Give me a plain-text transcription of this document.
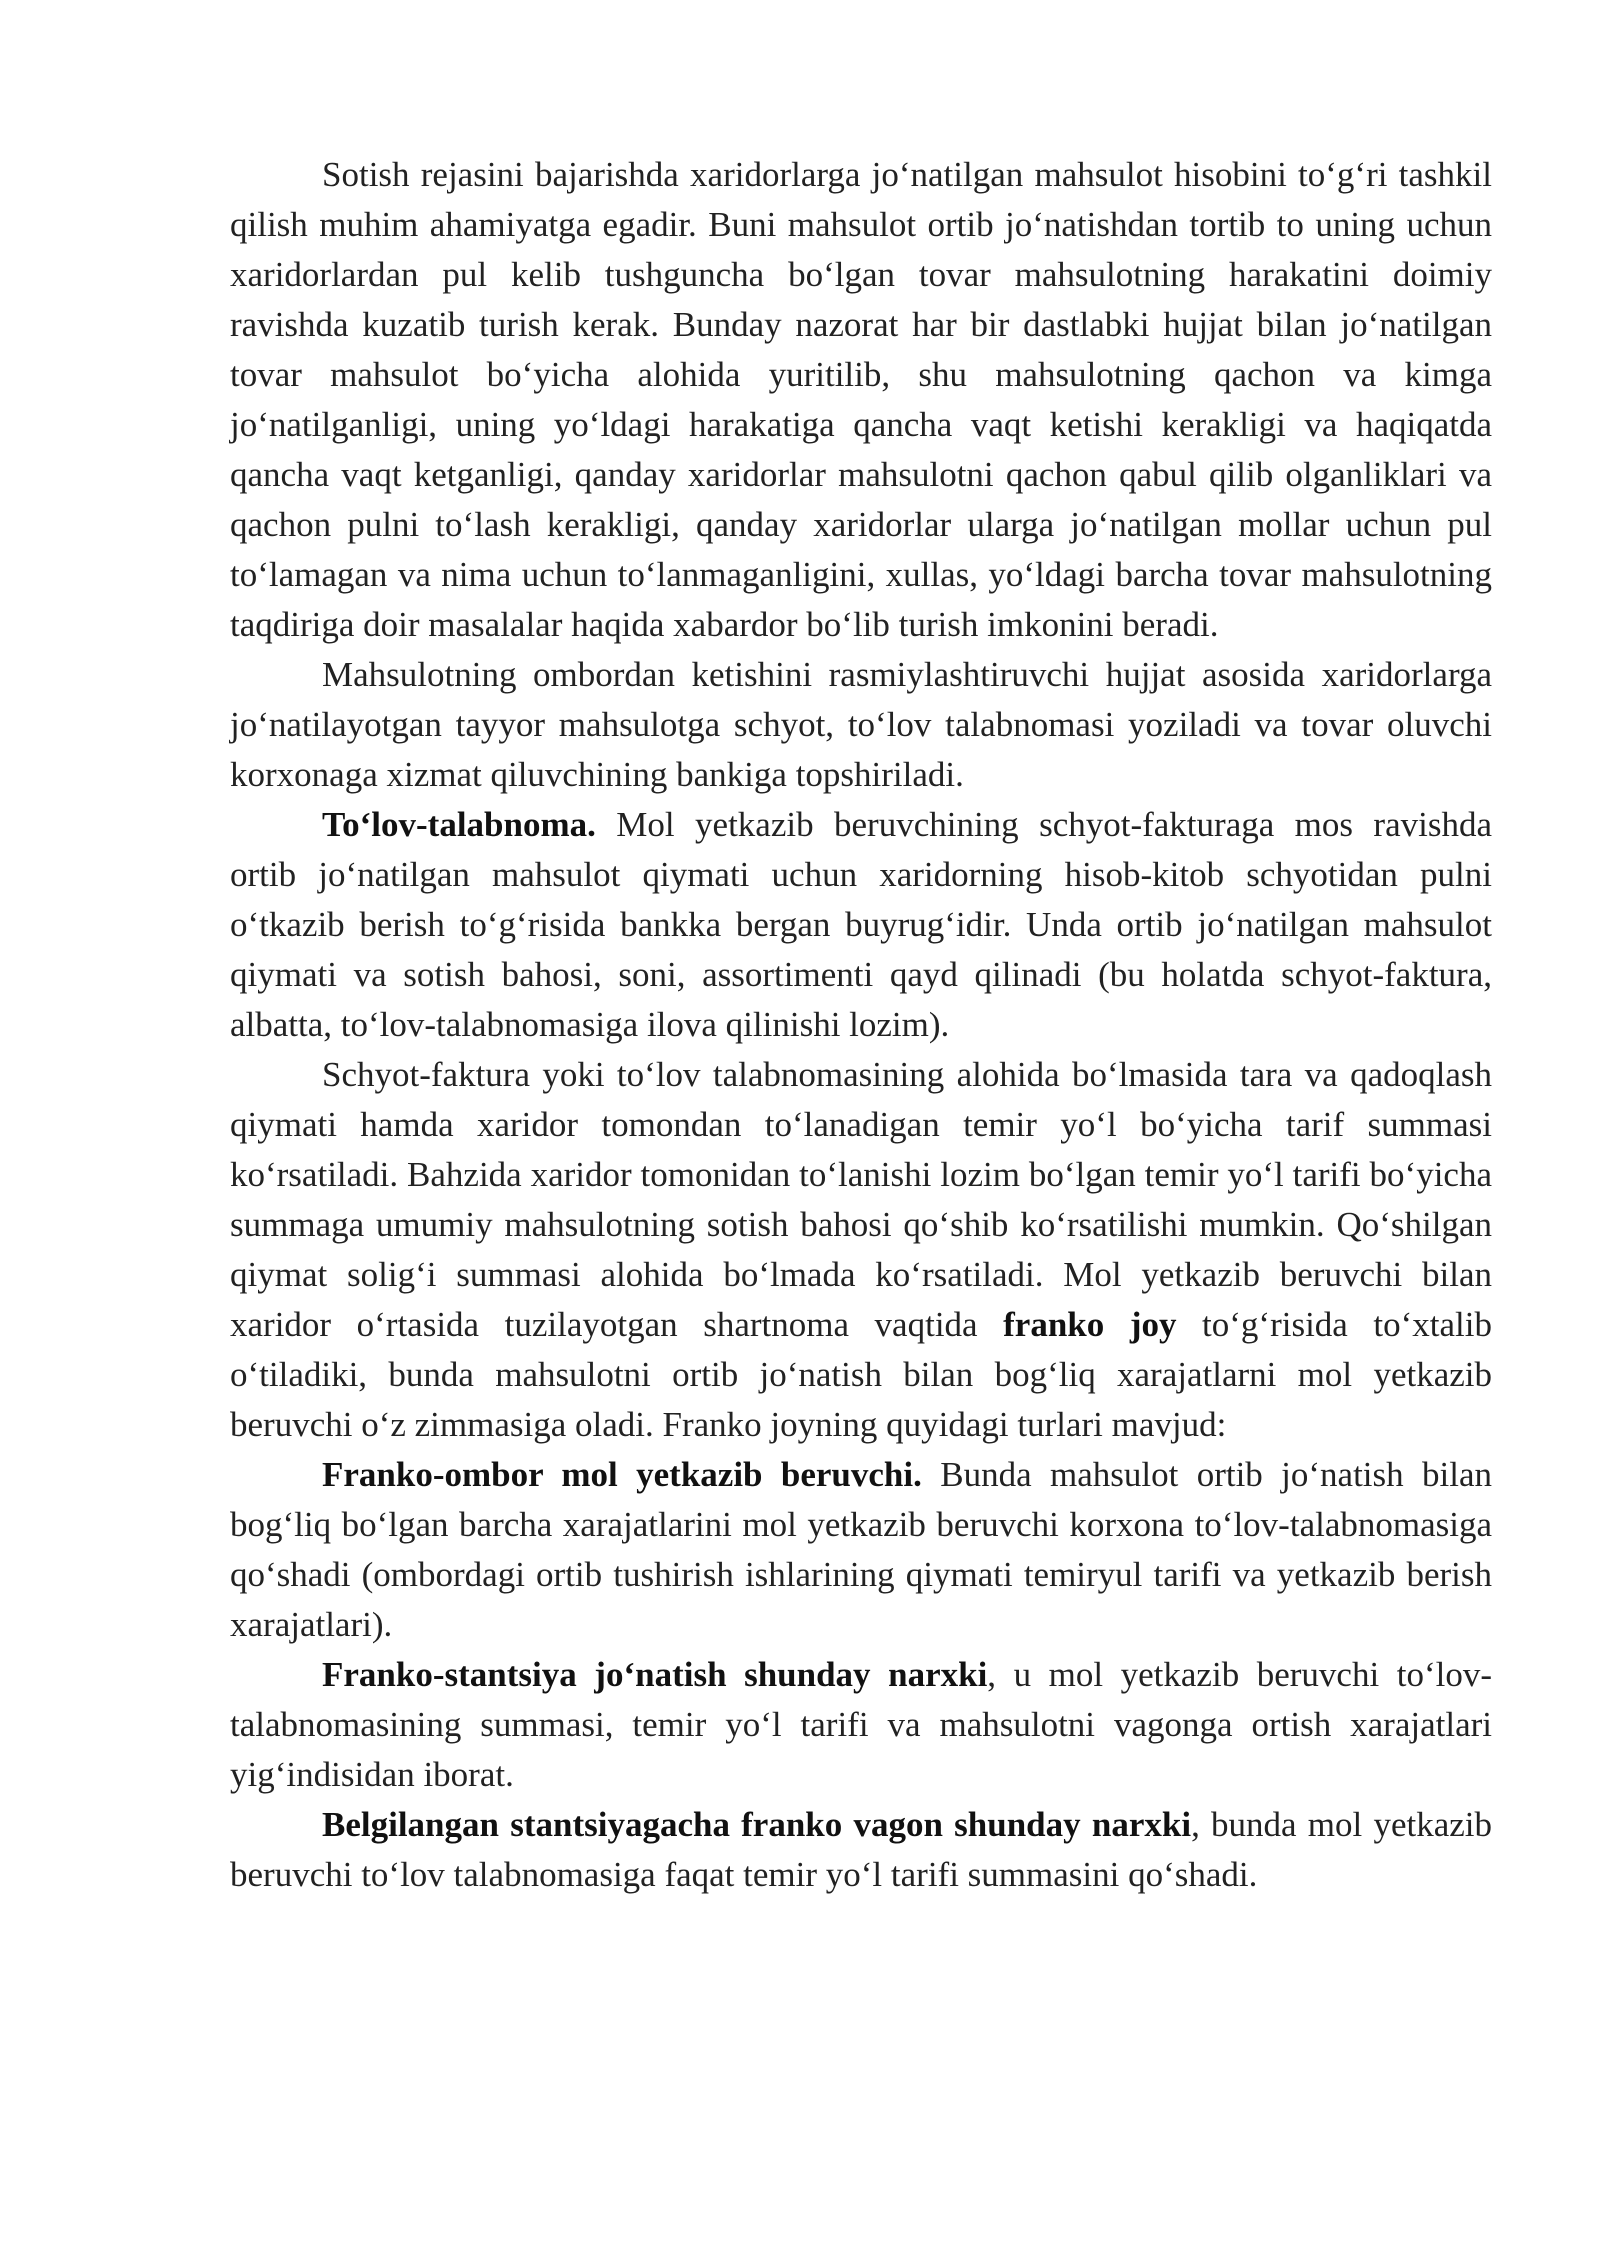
Sotish rejasini bajarishda xaridorlarga jo‘natilgan mahsulot hisobini to‘g‘ri tashkil qilish muhim ahamiyatga egadir. Buni mahsulot ortib jo‘natishdan tortib to uning uchun xaridorlardan pul kelib tushguncha bo‘lgan tovar mahsulotning harakatini doimiy ravishda kuzatib turish kerak. Bunday nazorat har bir dastlabki hujjat bilan jo‘natilgan tovar mahsulot bo‘yicha alohida yuritilib, shu mahsulotning qachon va kimga jo‘natilganligi, uning yo‘ldagi harakatiga qancha vaqt ketishi kerakligi va haqiqatda qancha vaqt ketganligi, qanday xaridorlar mahsulotni qachon qabul qilib olganliklari va qachon pulni to‘lash kerakligi, qanday xaridorlar ularga jo‘natilgan mollar uchun pul to‘lamagan va nima uchun to‘lanmaganligini, xullas, yo‘ldagi barcha tovar mahsulotning taqdiriga doir masalalar haqida xabardor bo‘lib turish imkonini beradi.

Mahsulotning ombordan ketishini rasmiylashtiruvchi hujjat asosida xaridorlarga jo‘natilayotgan tayyor mahsulotga schyot, to‘lov talabnomasi yoziladi va tovar oluvchi korxonaga xizmat qiluvchining bankiga topshiriladi.

To‘lov-talabnoma. Mol yetkazib beruvchining schyot-fakturaga mos ravishda ortib jo‘natilgan mahsulot qiymati uchun xaridorning hisob-kitob schyotidan pulni o‘tkazib berish to‘g‘risida bankka bergan buyrug‘idir. Unda ortib jo‘natilgan mahsulot qiymati va sotish bahosi, soni, assortimenti qayd qilinadi (bu holatda schyot-faktura, albatta, to‘lov-talabnomasiga ilova qilinishi lozim).

Schyot-faktura yoki to‘lov talabnomasining alohida bo‘lmasida tara va qadoqlash qiymati hamda xaridor tomondan to‘lanadigan temir yo‘l bo‘yicha tarif summasi ko‘rsatiladi. Bahzida xaridor tomonidan to‘lanishi lozim bo‘lgan temir yo‘l tarifi bo‘yicha summaga umumiy mahsulotning sotish bahosi qo‘shib ko‘rsatilishi mumkin. Qo‘shilgan qiymat solig‘i summasi alohida bo‘lmada ko‘rsatiladi. Mol yetkazib beruvchi bilan xaridor o‘rtasida tuzilayotgan shartnoma vaqtida franko joy to‘g‘risida to‘xtalib o‘tiladiki, bunda mahsulotni ortib jo‘natish bilan bog‘liq xarajatlarni mol yetkazib beruvchi o‘z zimmasiga oladi. Franko joyning quyidagi turlari mavjud:

Franko-ombor mol yetkazib beruvchi. Bunda mahsulot ortib jo‘natish bilan bog‘liq bo‘lgan barcha xarajatlarini mol yetkazib beruvchi korxona to‘lov-talabnomasiga qo‘shadi (ombordagi ortib tushirish ishlarining qiymati temiryul tarifi va yetkazib berish xarajatlari).

Franko-stantsiya jo‘natish shunday narxki, u mol yetkazib beruvchi to‘lov-talabnomasining summasi, temir yo‘l tarifi va mahsulotni vagonga ortish xarajatlari yig‘indisidan iborat.

Belgilangan stantsiyagacha franko vagon shunday narxki, bunda mol yetkazib beruvchi to‘lov talabnomasiga faqat temir yo‘l tarifi summasini qo‘shadi.
